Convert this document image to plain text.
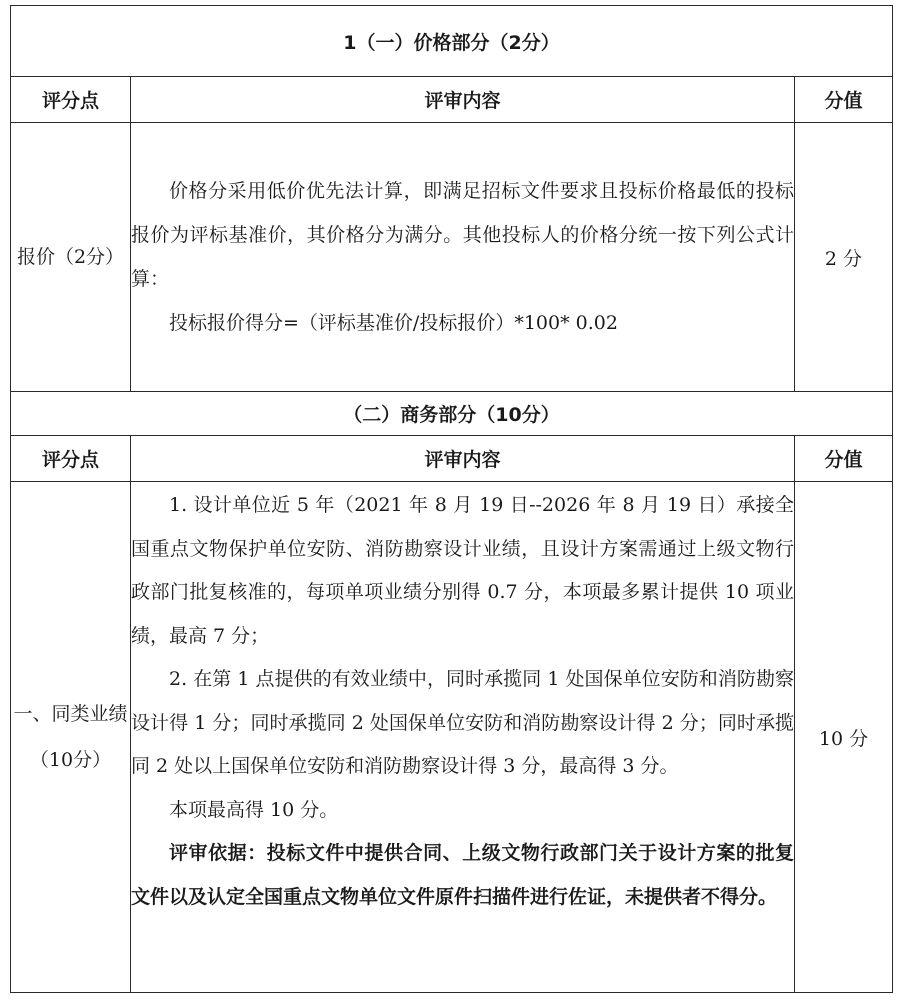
1（一）价格部分（2分）		
评分点	评审内容	分值
报价（2分）	价格分采用低价优先法计算，即满足招标文件要求且投标价格最低的投标报价为评标基准价，其价格分为满分。其他投标人的价格分统一按下列公式计算：

投标报价得分=（评标基准价/投标报价）*100* 0.02	2 分
（二）商务部分（10分）		
评分点	评审内容	分值
一、同类业绩（10分）	1. 设计单位近 5 年（2021 年 8 月 19 日--2026 年 8 月 19 日）承接全国重点文物保护单位安防、消防勘察设计业绩，且设计方案需通过上级文物行政部门批复核准的，每项单项业绩分别得 0.7 分，本项最多累计提供 10 项业绩，最高 7 分；

2. 在第 1 点提供的有效业绩中，同时承揽同 1 处国保单位安防和消防勘察设计得 1 分；同时承揽同 2 处国保单位安防和消防勘察设计得 2 分；同时承揽同 2 处以上国保单位安防和消防勘察设计得 3 分，最高得 3 分。

本项最高得 10 分。

评审依据：投标文件中提供合同、上级文物行政部门关于设计方案的批复文件以及认定全国重点文物单位文件原件扫描件进行佐证，未提供者不得分。	10 分
